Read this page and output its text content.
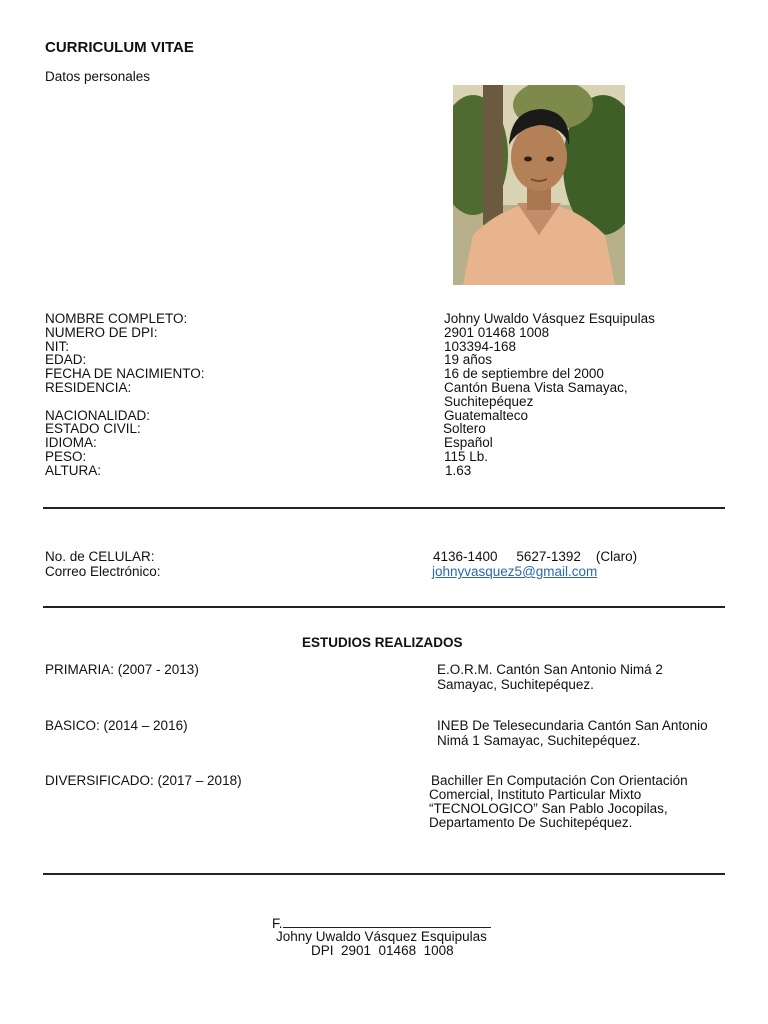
CURRICULUM VITAE
Datos personales
NOMBRE COMPLETO:	Johny Uwaldo Vásquez Esquipulas
NUMERO DE DPI:	2901 01468 1008
NIT:	103394-168
EDAD:	19 años
FECHA DE NACIMIENTO:	16 de septiembre del 2000
RESIDENCIA:	Cantón Buena Vista Samayac,
Suchitepéquez
NACIONALIDAD:	Guatemalteco
ESTADO CIVIL:	Soltero
IDIOMA:	Español
PESO:	115 Lb.
ALTURA:	1.63
No. de CELULAR:	4136-1400     5627-1392    (Claro)
Correo Electrónico:	johnyvasquez5@gmail.com
ESTUDIOS REALIZADOS
PRIMARIA: (2007 - 2013)	E.O.R.M. Cantón San Antonio Nimá 2
Samayac, Suchitepéquez.
BASICO: (2014 – 2016)	INEB De Telesecundaria Cantón San Antonio
Nimá 1 Samayac, Suchitepéquez.
DIVERSIFICADO: (2017 – 2018)	Bachiller En Computación Con Orientación
Comercial, Instituto Particular Mixto
“TECNOLOGICO” San Pablo Jocopilas,
Departamento De Suchitepéquez.
F.
Johny Uwaldo Vásquez Esquipulas
DPI  2901  01468  1008
